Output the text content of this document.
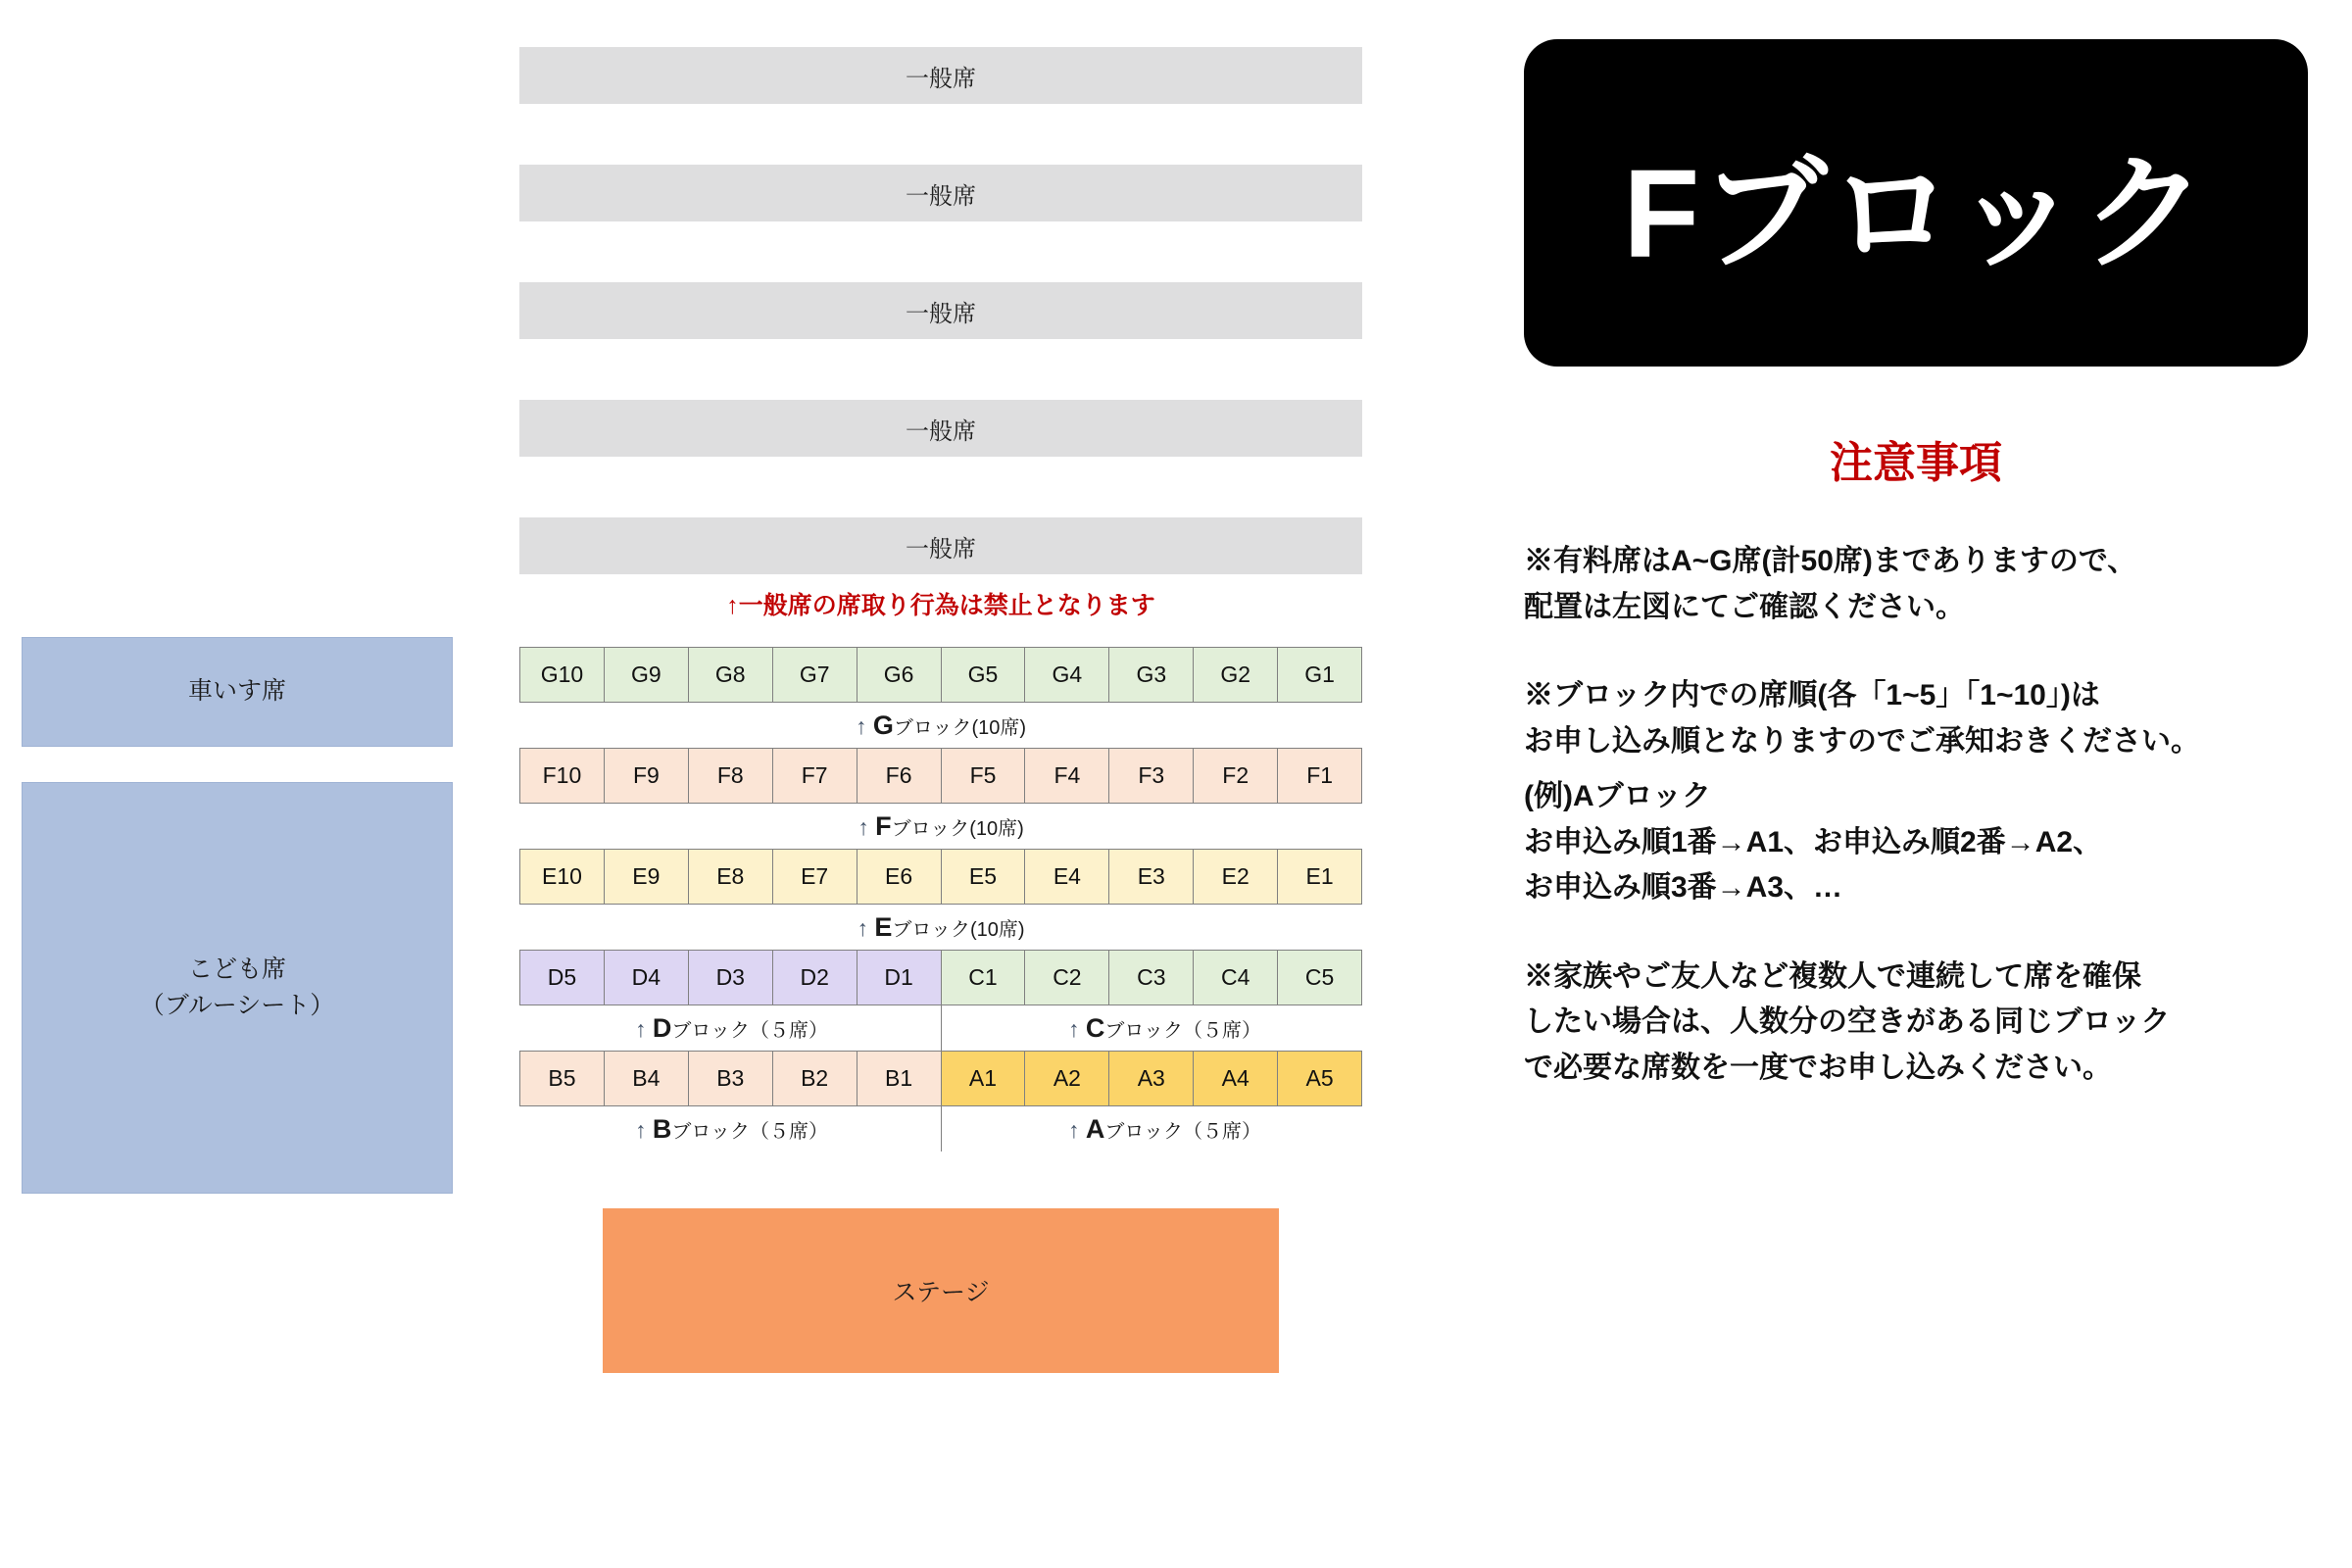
車いす席
こども席
（ブルーシート）
一般席
一般席
一般席
一般席
一般席
↑一般席の席取り行為は禁止となります
G10	G9	G8	G7	G6	G5	G4	G3	G2	G1
↑ Gブロック(10席)
F10	F9	F8	F7	F6	F5	F4	F3	F2	F1
↑ Fブロック(10席)
E10	E9	E8	E7	E6	E5	E4	E3	E2	E1
↑ Eブロック(10席)
D5	D4	D3	D2	D1	C1	C2	C3	C4	C5
↑ Dブロック（５席）	↑ Cブロック（５席）
B5	B4	B3	B2	B1	A1	A2	A3	A4	A5
↑ Bブロック（５席）	↑ Aブロック（５席）
ステージ
Fブロック
注意事項
※有料席はA~G席(計50席)までありますので、
配置は左図にてご確認ください。
※ブロック内での席順(各「1~5」「1~10」)は
お申し込み順となりますのでご承知おきください。
(例)Aブロック
お申込み順1番→A1、お申込み順2番→A2、
お申込み順3番→A3、…
※家族やご友人など複数人で連続して席を確保
したい場合は、人数分の空きがある同じブロック
で必要な席数を一度でお申し込みください。
